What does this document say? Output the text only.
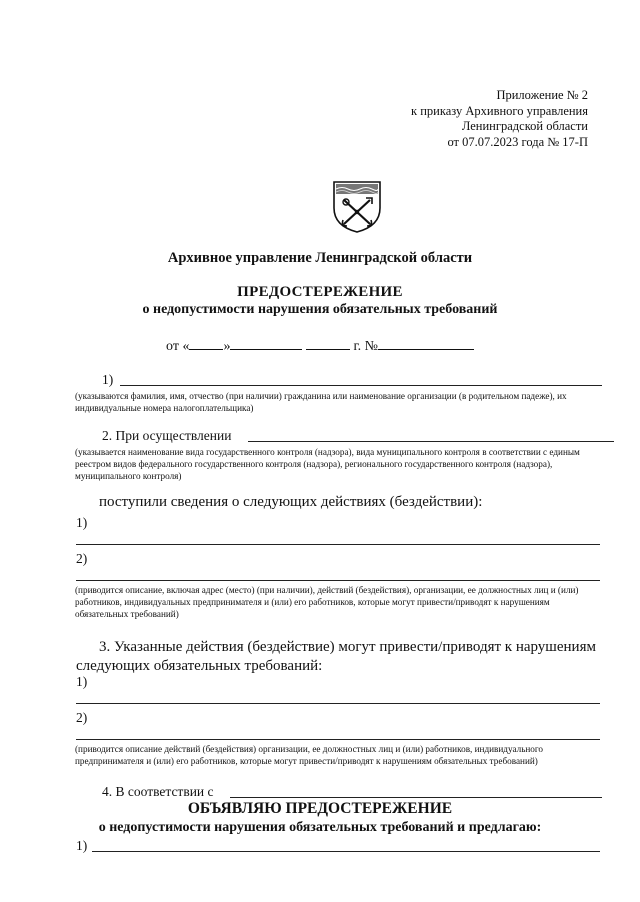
Приложение № 2
к приказу Архивного управления
Ленинградской области
от 07.07.2023 года № 17-П
Архивное управление Ленинградской области
ПРЕДОСТЕРЕЖЕНИЕ
о недопустимости нарушения обязательных требований
от « »	г. №
1)
(указываются фамилия, имя, отчество (при наличии) гражданина или наименование организации (в родительном падеже), их индивидуальные номера налогоплательщика)
2. При осуществлении
(указывается наименование вида государственного контроля (надзора), вида муниципального контроля в соответствии с единым реестром видов федерального государственного контроля (надзора), регионального государственного контроля (надзора), муниципального контроля)
поступили сведения о следующих действиях (бездействии):
1)
2)
(приводится описание, включая адрес (место) (при наличии), действий (бездействия), организации, ее должностных лиц и (или) работников, индивидуальных предпринимателя и (или) его работников, которые могут привести/приводят к нарушениям обязательных требований)
3. Указанные действия (бездействие) могут привести/приводят к нарушениям следующих обязательных требований:
1)
2)
(приводится описание действий (бездействия) организации, ее должностных лиц и (или) работников, индивидуального предпринимателя и (или) его работников, которые могут привести/приводят к нарушениям обязательных требований)
4. В соответствии с
ОБЪЯВЛЯЮ ПРЕДОСТЕРЕЖЕНИЕ
о недопустимости нарушения обязательных требований и предлагаю:
1)
